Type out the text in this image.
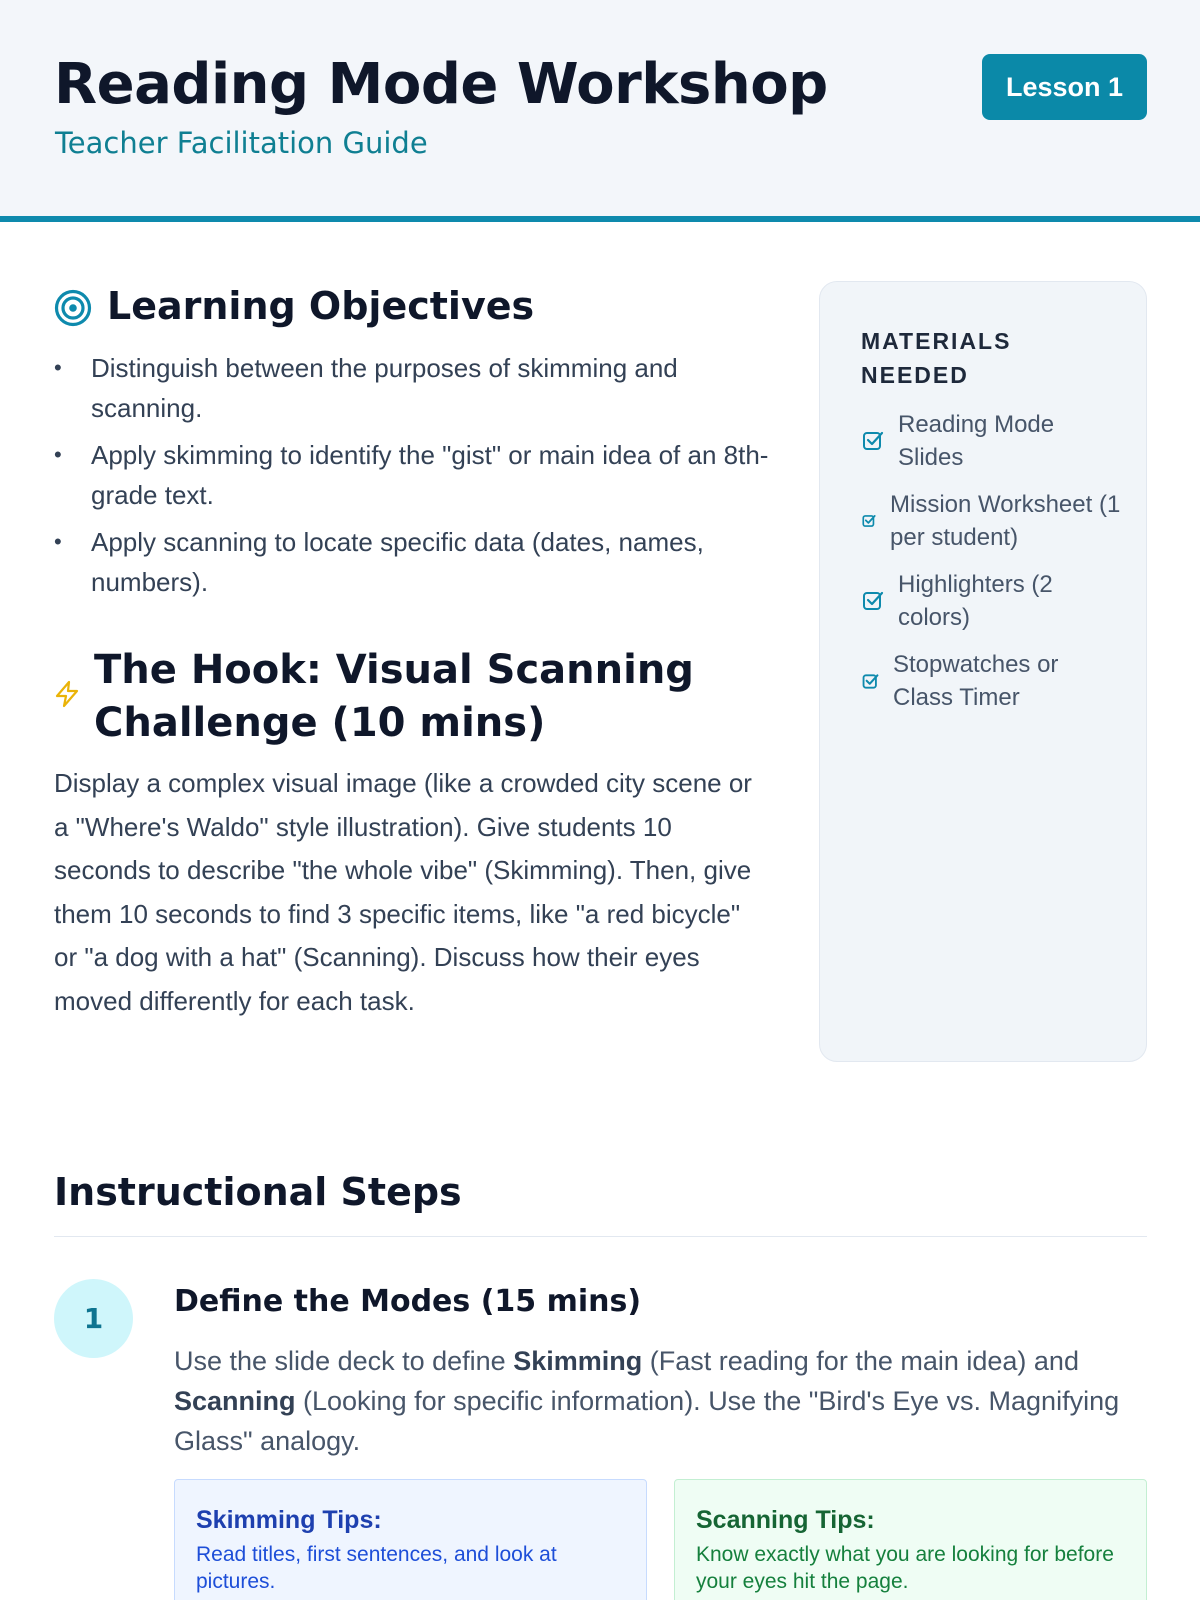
Reading Mode Workshop
Teacher Facilitation Guide
Lesson 1
Learning Objectives
• Distinguish between the purposes of skimming and scanning.
• Apply skimming to identify the "gist" or main idea of an 8th-grade text.
• Apply scanning to locate specific data (dates, names, numbers).
The Hook: Visual Scanning Challenge (10 mins)

Display a complex visual image (like a crowded city scene or a "Where's Waldo" style illustration). Give students 10 seconds to describe "the whole vibe" (Skimming). Then, give them 10 seconds to find 3 specific items, like "a red bicycle" or "a dog with a hat" (Scanning). Discuss how their eyes moved differently for each task.

MATERIALS NEEDED
Reading Mode Slides
Mission Worksheet (1 per student)
Highlighters (2 colors)
Stopwatches or Class Timer
Instructional Steps
1	Define the Modes (15 mins)

Use the slide deck to define Skimming (Fast reading for the main idea) and Scanning (Looking for specific information). Use the "Bird's Eye vs. Magnifying Glass" analogy.

Skimming Tips:

Read titles, first sentences, and look at pictures.

Scanning Tips:

Know exactly what you are looking for before your eyes hit the page.
